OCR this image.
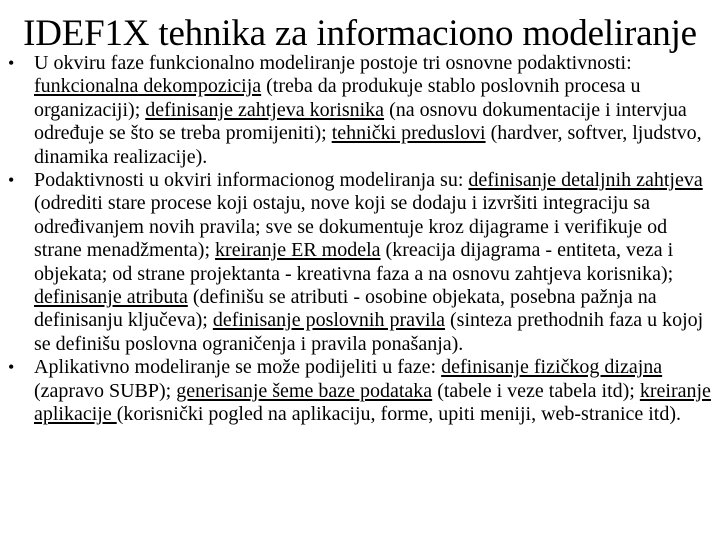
IDEF1X tehnika za informaciono modeliranje
• U okviru faze funkcionalno modeliranje postoje tri osnovne podaktivnosti: funkcionalna dekompozicija (treba da produkuje stablo poslovnih procesa u organizaciji); definisanje zahtjeva korisnika (na osnovu dokumentacije i intervjua određuje se što se treba promijeniti); tehnički preduslovi (hardver, softver, ljudstvo, dinamika realizacije).
• Podaktivnosti u okviri informacionog modeliranja su: definisanje detaljnih zahtjeva (odrediti stare procese koji ostaju, nove koji se dodaju i izvršiti integraciju sa određivanjem novih pravila; sve se dokumentuje kroz dijagrame i verifikuje od strane menadžmenta); kreiranje ER modela (kreacija dijagrama - entiteta, veza i objekata; od strane projektanta - kreativna faza a na osnovu zahtjeva korisnika); definisanje atributa (definišu se atributi - osobine objekata, posebna pažnja na definisanju ključeva); definisanje poslovnih pravila (sinteza prethodnih faza u kojoj se definišu poslovna ograničenja i pravila ponašanja).
• Aplikativno modeliranje se može podijeliti u faze: definisanje fizičkog dizajna (zapravo SUBP); generisanje šeme baze podataka (tabele i veze tabela itd); kreiranje aplikacije (korisnički pogled na aplikaciju, forme, upiti meniji, web-stranice itd).
